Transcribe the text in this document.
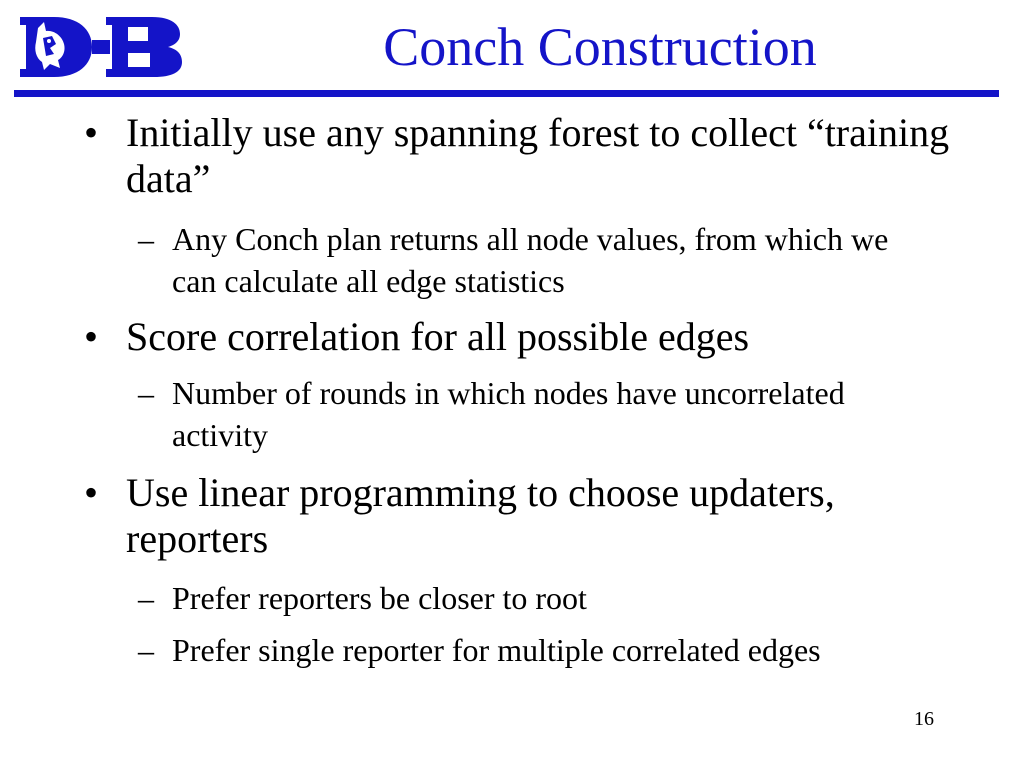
Conch Construction
• Initially use any spanning forest to collect “training data”
– Any Conch plan returns all node values, from which we can calculate all edge statistics
• Score correlation for all possible edges
– Number of rounds in which nodes have uncorrelated activity
• Use linear programming to choose updaters, reporters
– Prefer reporters be closer to root
– Prefer single reporter for multiple correlated edges
16
